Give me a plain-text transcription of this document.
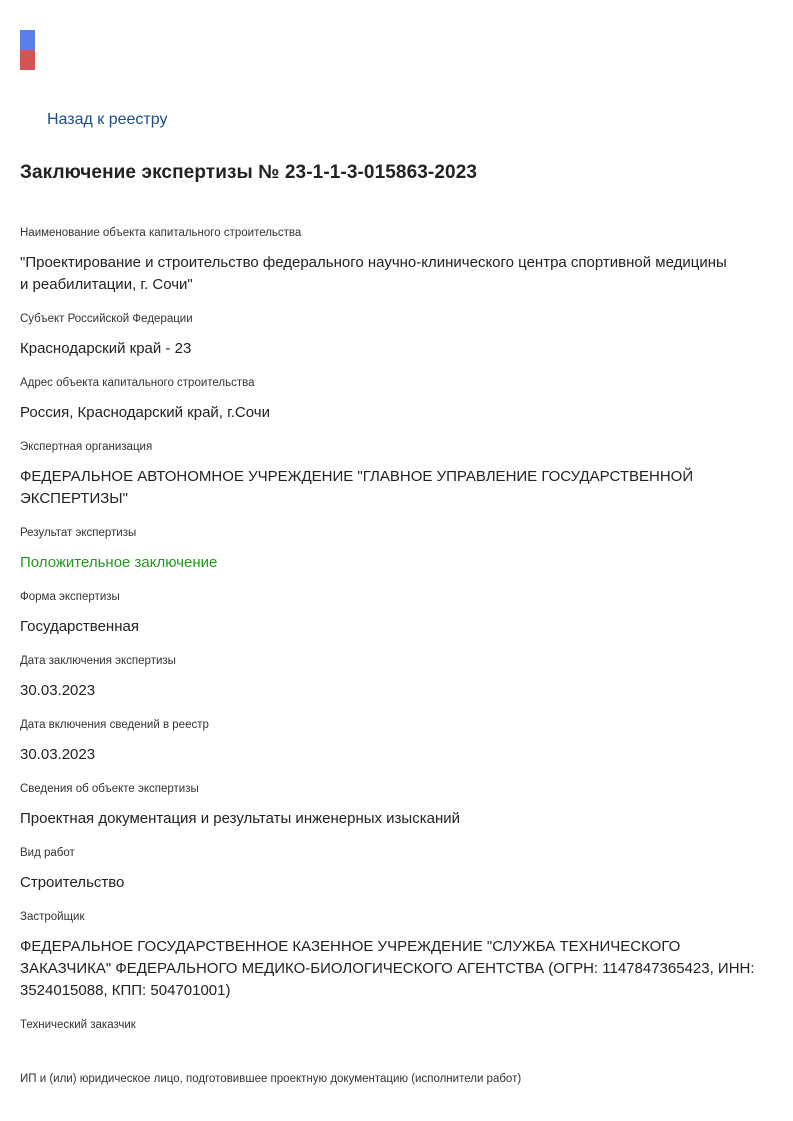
Назад к реестру
Заключение экспертизы № 23-1-1-3-015863-2023
Наименование объекта капитального строительства
"Проектирование и строительство федерального научно-клинического центра спортивной медицины
и реабилитации, г. Сочи"
Субъект Российской Федерации
Краснодарский край - 23
Адрес объекта капитального строительства
Россия, Краснодарский край, г.Сочи
Экспертная организация
ФЕДЕРАЛЬНОЕ АВТОНОМНОЕ УЧРЕЖДЕНИЕ "ГЛАВНОЕ УПРАВЛЕНИЕ ГОСУДАРСТВЕННОЙ
ЭКСПЕРТИЗЫ"
Результат экспертизы
Положительное заключение
Форма экспертизы
Государственная
Дата заключения экспертизы
30.03.2023
Дата включения сведений в реестр
30.03.2023
Сведения об объекте экспертизы
Проектная документация и результаты инженерных изысканий
Вид работ
Строительство
Застройщик
ФЕДЕРАЛЬНОЕ ГОСУДАРСТВЕННОЕ КАЗЕННОЕ УЧРЕЖДЕНИЕ "СЛУЖБА ТЕХНИЧЕСКОГО
ЗАКАЗЧИКА" ФЕДЕРАЛЬНОГО МЕДИКО-БИОЛОГИЧЕСКОГО АГЕНТСТВА (ОГРН: 1147847365423, ИНН:
3524015088, КПП: 504701001)
Технический заказчик
ИП и (или) юридическое лицо, подготовившее проектную документацию (исполнители работ)
